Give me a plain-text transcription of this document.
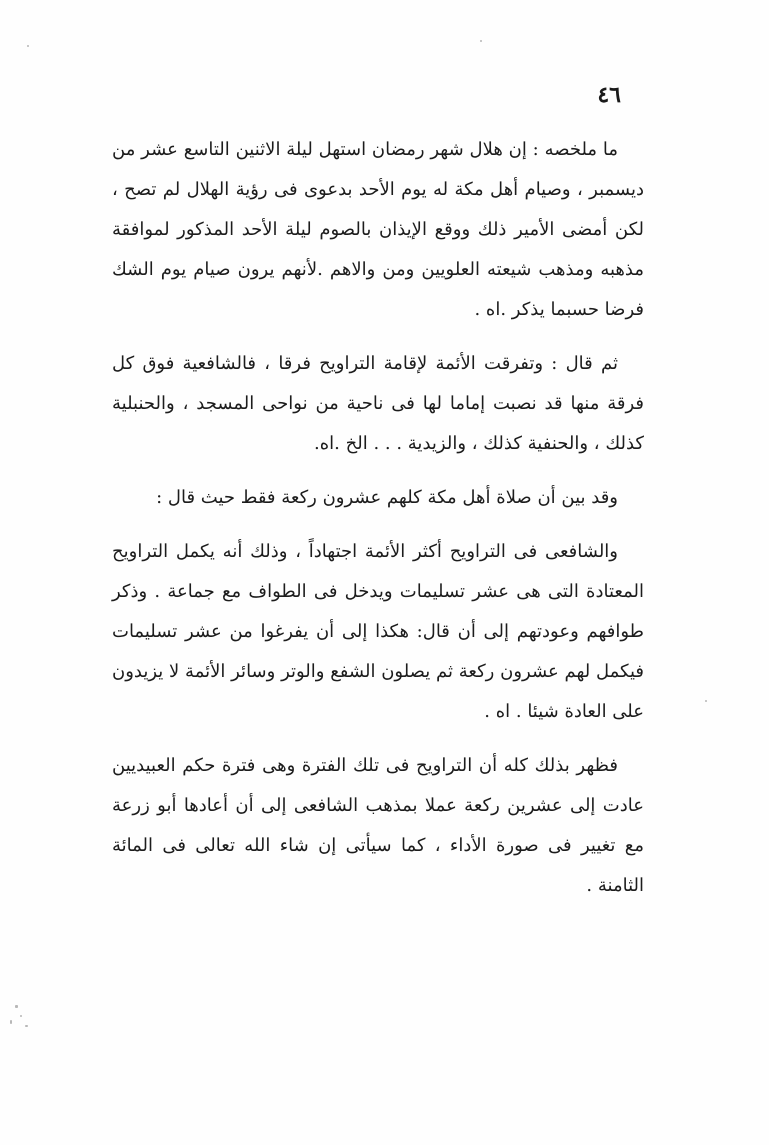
٤٦

ما ملخصه : إن هلال شهر رمضان استهل ليلة الاثنين التاسع عشر من ديسمبر ، وصيام أهل مكة له يوم الأحد بدعوى فى رؤية الهلال لم تصح ، لكن أمضى الأمير ذلك ووقع الإيذان بالصوم ليلة الأحد المذكور لموافقة مذهبه ومذهب شيعته العلويين ومن والاهم .لأنهم يرون صيام يوم الشك فرضا حسبما يذكر .اه .

ثم قال : وتفرقت الأئمة لإقامة التراويح فرقا ، فالشافعية فوق كل فرقة منها قد نصبت إماما لها فى ناحية من نواحى المسجد ، والحنبلية كذلك ، والحنفية كذلك ، والزيدية . . . الخ .اه.

وقد بين أن صلاة أهل مكة كلهم عشرون ركعة فقط حيث قال :

والشافعى فى التراويح أكثر الأئمة اجتهاداً ، وذلك أنه يكمل التراويح المعتادة التى هى عشر تسليمات ويدخل فى الطواف مع جماعة . وذكر طوافهم وعودتهم إلى أن قال: هكذا إلى أن يفرغوا من عشر تسليمات فيكمل لهم عشرون ركعة ثم يصلون الشفع والوتر وسائر الأئمة لا يزيدون على العادة شيئا . اه .

فظهر بذلك كله أن التراويح فى تلك الفترة وهى فترة حكم العبيديين عادت إلى عشرين ركعة عملا بمذهب الشافعى إلى أن أعادها أبو زرعة مع تغيير فى صورة الأداء ، كما سيأتى إن شاء الله تعالى فى المائة الثامنة .
